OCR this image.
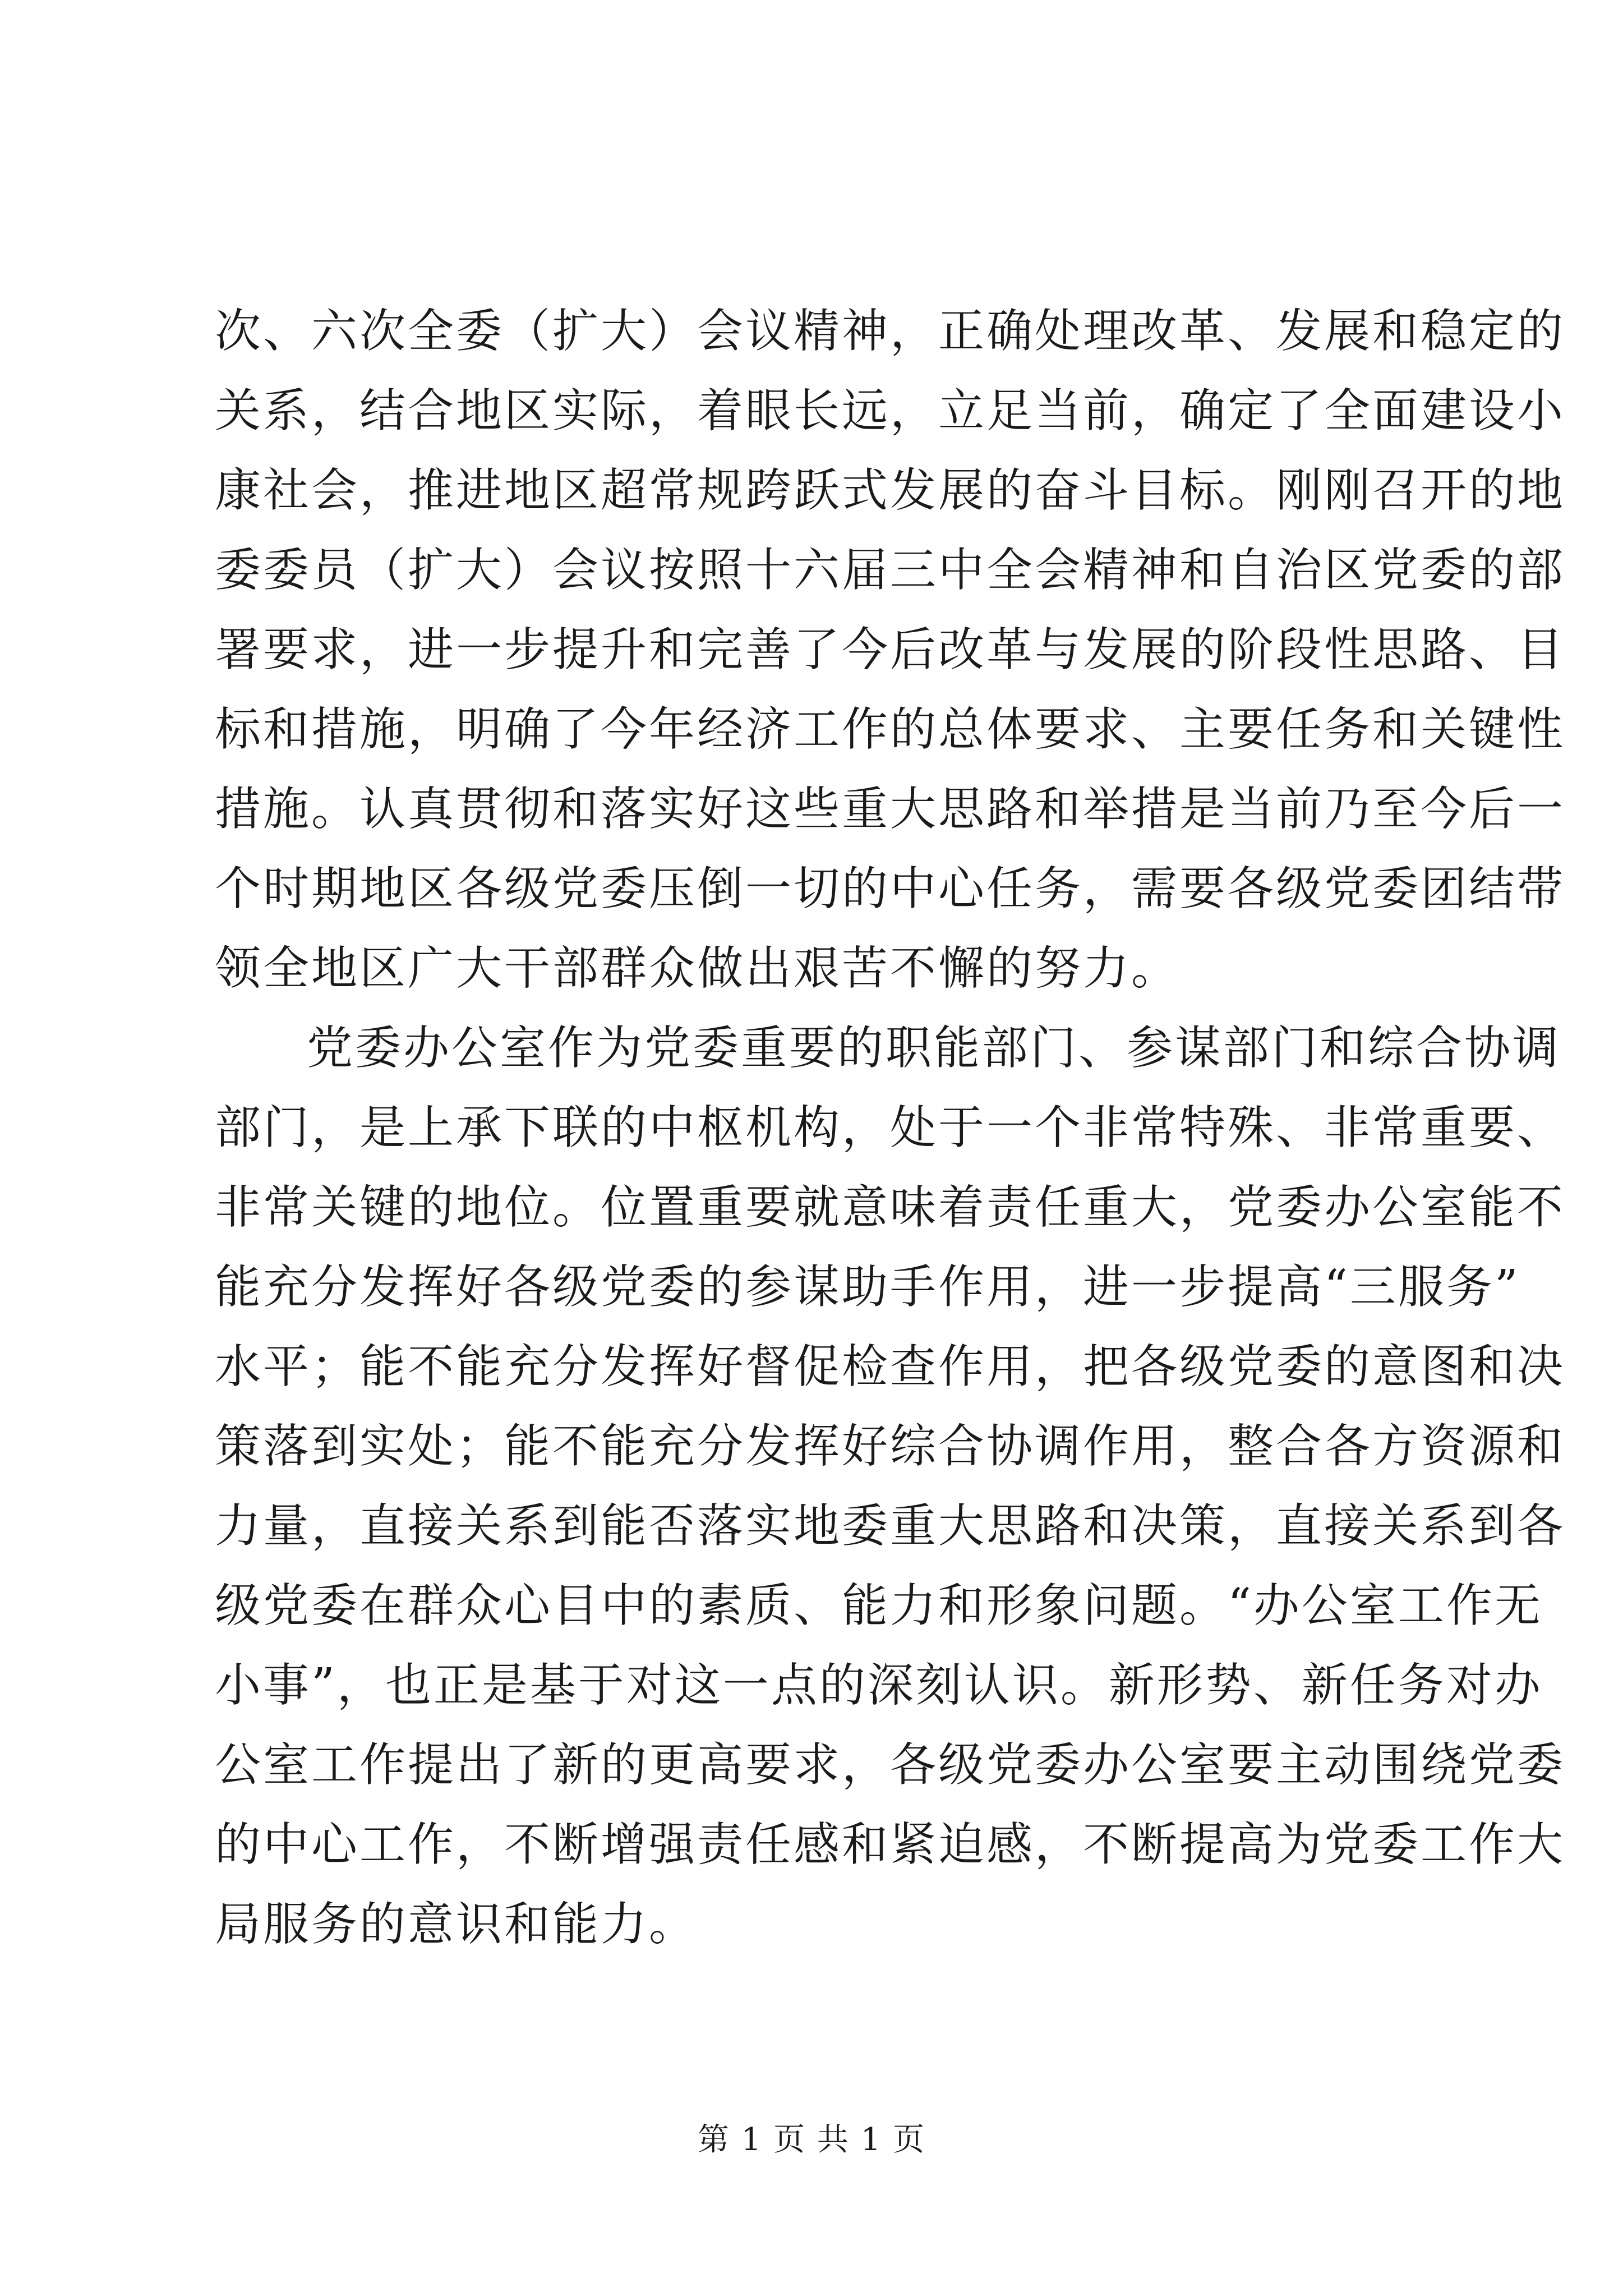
次、六次全委（扩大）会议精神，正确处理改革、发展和稳定的
关系，结合地区实际，着眼长远，立足当前，确定了全面建设小
康社会，推进地区超常规跨跃式发展的奋斗目标。刚刚召开的地
委委员（扩大）会议按照十六届三中全会精神和自治区党委的部
署要求，进一步提升和完善了今后改革与发展的阶段性思路、目
标和措施，明确了今年经济工作的总体要求、主要任务和关键性
措施。认真贯彻和落实好这些重大思路和举措是当前乃至今后一
个时期地区各级党委压倒一切的中心任务，需要各级党委团结带
领全地区广大干部群众做出艰苦不懈的努力。
党委办公室作为党委重要的职能部门、参谋部门和综合协调
部门，是上承下联的中枢机构，处于一个非常特殊、非常重要、
非常关键的地位。位置重要就意味着责任重大，党委办公室能不
能充分发挥好各级党委的参谋助手作用，进一步提高“三服务”
水平；能不能充分发挥好督促检查作用，把各级党委的意图和决
策落到实处；能不能充分发挥好综合协调作用，整合各方资源和
力量，直接关系到能否落实地委重大思路和决策，直接关系到各
级党委在群众心目中的素质、能力和形象问题。“办公室工作无
小事”，也正是基于对这一点的深刻认识。新形势、新任务对办
公室工作提出了新的更高要求，各级党委办公室要主动围绕党委
的中心工作，不断增强责任感和紧迫感，不断提高为党委工作大
局服务的意识和能力。
第 1 页 共 1 页
